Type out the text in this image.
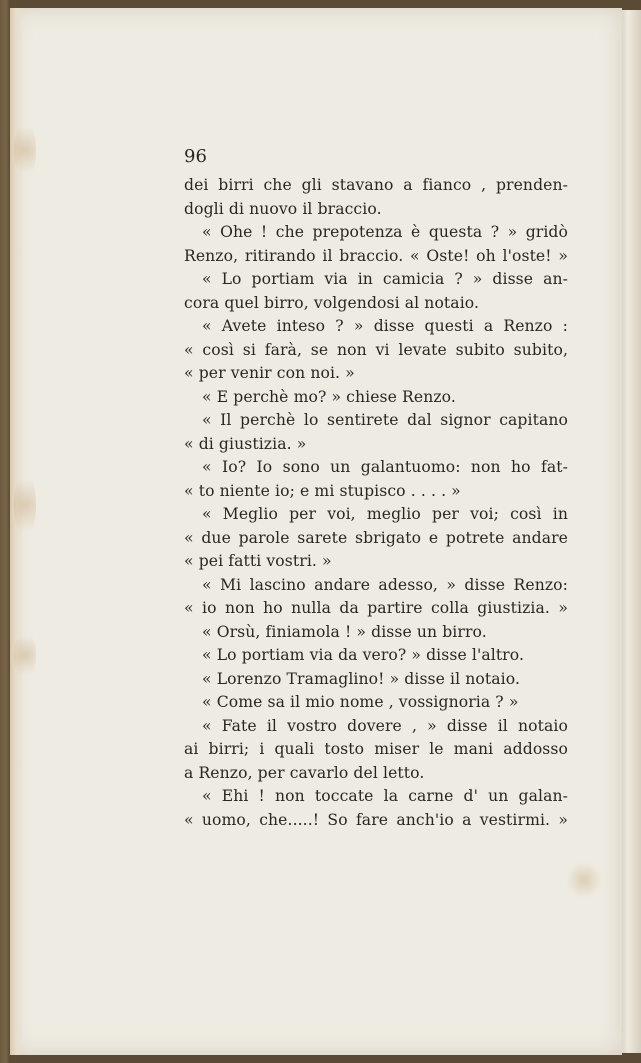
96
dei birri che gli stavano a fianco , prenden-
dogli di nuovo il braccio.
« Ohe ! che prepotenza è questa ? » gridò
Renzo, ritirando il braccio. « Oste! oh l'oste! »
« Lo portiam via in camicia ? » disse an-
cora quel birro, volgendosi al notaio.
« Avete inteso ? » disse questi a Renzo :
« così si farà, se non vi levate subito subito,
« per venir con noi. »
« E perchè mo? » chiese Renzo.
« Il perchè lo sentirete dal signor capitano
« di giustizia. »
« Io? Io sono un galantuomo: non ho fat-
« to niente io; e mi stupisco . . . . »
« Meglio per voi, meglio per voi; così in
« due parole sarete sbrigato e potrete andare
« pei fatti vostri. »
« Mi lascino andare adesso, » disse Renzo:
« io non ho nulla da partire colla giustizia. »
« Orsù, finiamola ! » disse un birro.
« Lo portiam via da vero? » disse l'altro.
« Lorenzo Tramaglino! » disse il notaio.
« Come sa il mio nome , vossignoria ? »
« Fate il vostro dovere , » disse il notaio
ai birri; i quali tosto miser le mani addosso
a Renzo, per cavarlo del letto.
« Ehi ! non toccate la carne d' un galan-
« uomo, che.....! So fare anch'io a vestirmi. »
